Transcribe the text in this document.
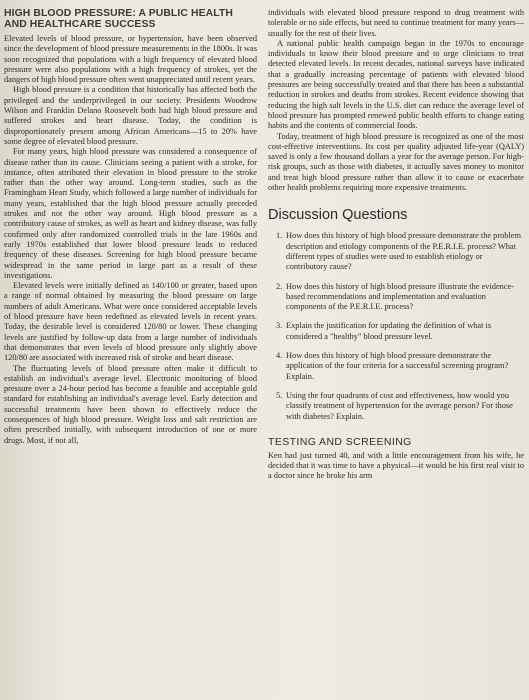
HIGH BLOOD PRESSURE: A PUBLIC HEALTH AND HEALTHCARE SUCCESS

Elevated levels of blood pressure, or hypertension, have been observed since the development of blood pressure measurements in the 1800s. It was soon recognized that populations with a high frequency of elevated blood pressure were also populations with a high frequency of strokes, yet the dangers of high blood pressure often went unappreciated until recent years.

High blood pressure is a condition that historically has affected both the privileged and the underprivileged in our society. Presidents Woodrow Wilson and Franklin Delano Roosevelt both had high blood pressure and suffered strokes and heart disease. Today, the condition is disproportionately present among African Americans—15 to 20% have some degree of elevated blood pressure.

For many years, high blood pressure was considered a consequence of disease rather than its cause. Clinicians seeing a patient with a stroke, for instance, often attributed their elevation in blood pressure to the stroke rather than the other way around. Long-term studies, such as the Framingham Heart Study, which followed a large number of individuals for many years, established that the high blood pressure actually preceded strokes and not the other way around. High blood pressure as a contributory cause of strokes, as well as heart and kidney disease, was fully confirmed only after randomized controlled trials in the late 1960s and early 1970s established that lower blood pressure leads to reduced frequency of these diseases. Screening for high blood pressure became widespread in the same period in large part as a result of these investigations.

Elevated levels were initially defined as 140/100 or greater, based upon a range of normal obtained by measuring the blood pressure on large numbers of adult Americans. What were once considered acceptable levels of blood pressure have been redefined as elevated levels in recent years. Today, the desirable level is considered 120/80 or lower. These changing levels are justified by follow-up data from a large number of individuals that demonstrates that even levels of blood pressure only slightly above 120/80 are associated with increased risk of stroke and heart disease.

The fluctuating levels of blood pressure often make it difficult to establish an individual's average level. Electronic monitoring of blood pressure over a 24-hour period has become a feasible and acceptable gold standard for establishing an individual's average level. Early detection and successful treatments have been shown to effectively reduce the consequences of high blood pressure. Weight loss and salt restriction are often prescribed initially, with subsequent introduction of one or more drugs. Most, if not all,

individuals with elevated blood pressure respond to drug treatment with tolerable or no side effects, but need to continue treatment for many years—usually for the rest of their lives.

A national public health campaign began in the 1970s to encourage individuals to know their blood pressure and to urge clinicians to treat detected elevated levels. In recent decades, national surveys have indicated that a gradually increasing percentage of patients with elevated blood pressures are being successfully treated and that there has been a substantial reduction in strokes and deaths from strokes. Recent evidence showing that reducing the high salt levels in the U.S. diet can reduce the average level of blood pressure has prompted renewed public health efforts to change eating habits and the contents of commercial foods.

Today, treatment of high blood pressure is recognized as one of the most cost-effective interventions. Its cost per quality adjusted life-year (QALY) saved is only a few thousand dollars a year for the average person. For high-risk groups, such as those with diabetes, it actually saves money to monitor and treat high blood pressure rather than allow it to cause or exacerbate other health problems requiring more expensive treatments.

Discussion Questions
1. How does this history of high blood pressure demonstrate the problem description and etiology components of the P.E.R.I.E. process? What different types of studies were used to establish etiology or contributory cause?
2. How does this history of high blood pressure illustrate the evidence-based recommendations and implementation and evaluation components of the P.E.R.I.E. process?
3. Explain the justification for updating the definition of what is considered a "healthy" blood pressure level.
4. How does this history of high blood pressure demonstrate the application of the four criteria for a successful screening program? Explain.
5. Using the four quadrants of cost and effectiveness, how would you classify treatment of hypertension for the average person? For those with diabetes? Explain.
TESTING AND SCREENING

Ken had just turned 40, and with a little encouragement from his wife, he decided that it was time to have a physical—it would be his first real visit to a doctor since he broke his arm
